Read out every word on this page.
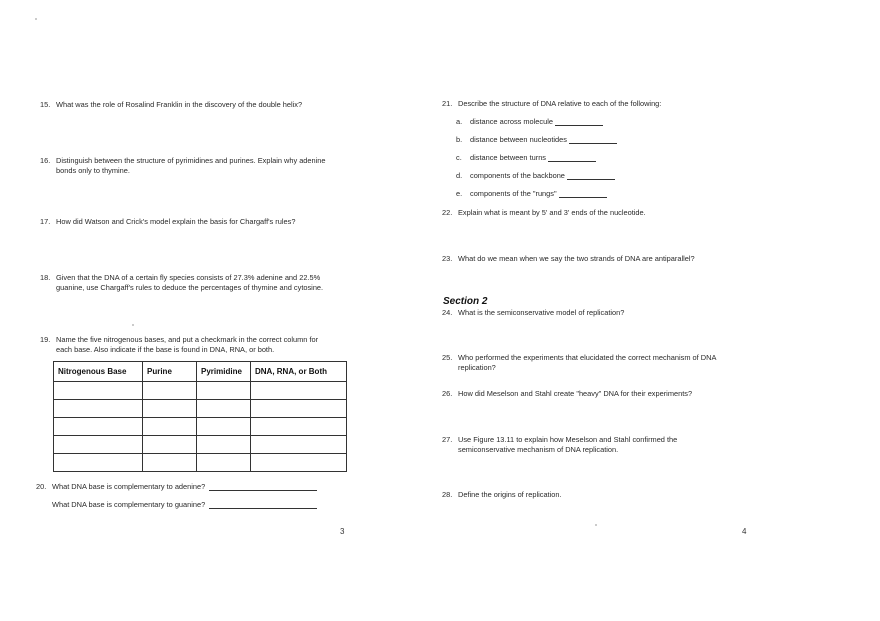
15. What was the role of Rosalind Franklin in the discovery of the double helix?
16. Distinguish between the structure of pyrimidines and purines. Explain why adenine
bonds only to thymine.
17. How did Watson and Crick's model explain the basis for Chargaff's rules?
18. Given that the DNA of a certain fly species consists of 27.3% adenine and 22.5%
guanine, use Chargaff's rules to deduce the percentages of thymine and cytosine.
19. Name the five nitrogenous bases, and put a checkmark in the correct column for
each base. Also indicate if the base is found in DNA, RNA, or both.
Nitrogenous Base	Purine	Pyrimidine	DNA, RNA, or Both

20. What DNA base is complementary to adenine?
What DNA base is complementary to guanine?
3
21. Describe the structure of DNA relative to each of the following:
a.	distance across molecule
b.	distance between nucleotides
c.	distance between turns
d.	components of the backbone
e.	components of the "rungs"
22. Explain what is meant by 5' and 3' ends of the nucleotide.
23. What do we mean when we say the two strands of DNA are antiparallel?
Section 2
24. What is the semiconservative model of replication?
25. Who performed the experiments that elucidated the correct mechanism of DNA
replication?
26. How did Meselson and Stahl create "heavy" DNA for their experiments?
27. Use Figure 13.11 to explain how Meselson and Stahl confirmed the
semiconservative mechanism of DNA replication.
28. Define the origins of replication.
4
